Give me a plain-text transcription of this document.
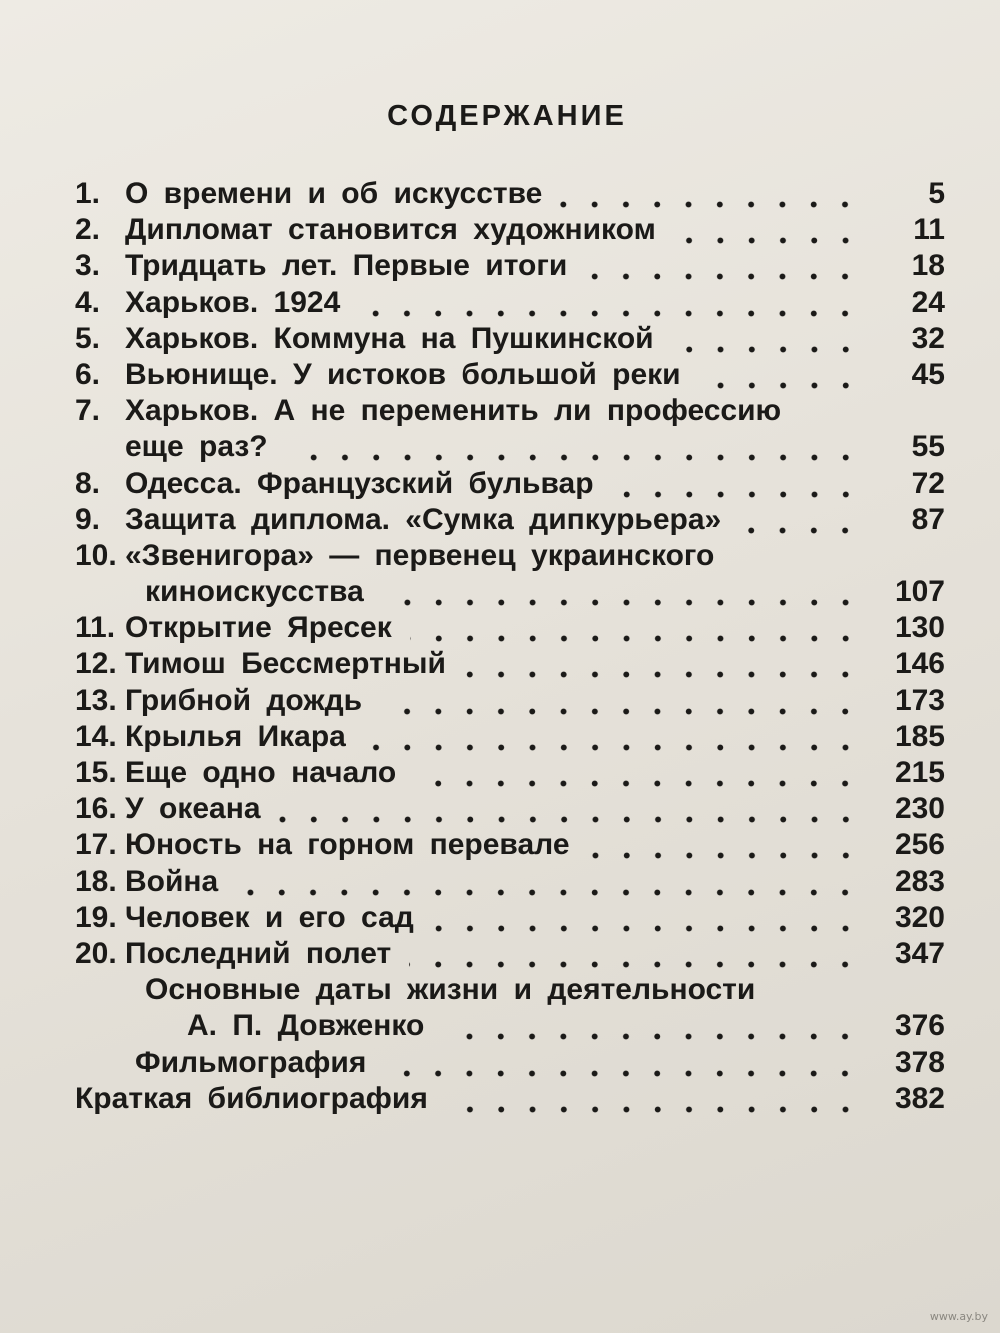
СОДЕРЖАНИЕ
1. О времени и об искусстве	5
2. Дипломат становится художником	11
3. Тридцать лет. Первые итоги	18
4. Харьков. 1924	24
5. Харьков. Коммуна на Пушкинской	32
6. Вьюнище. У истоков большой реки	45
7. Харьков. А не переменить ли профессию
еще раз?	55
8. Одесса. Французский бульвар	72
9. Защита диплома. «Сумка дипкурьера»	87
10. «Звенигора» — первенец украинского
киноискусства	107
11. Открытие Яресек	130
12. Тимош Бессмертный	146
13. Грибной дождь	173
14. Крылья Икара	185
15. Еще одно начало	215
16. У океана	230
17. Юность на горном перевале	256
18. Война	283
19. Человек и его сад	320
20. Последний полет	347
Основные даты жизни и деятельности
А. П. Довженко	376
Фильмография	378
Краткая библиография	382
www.ay.by
